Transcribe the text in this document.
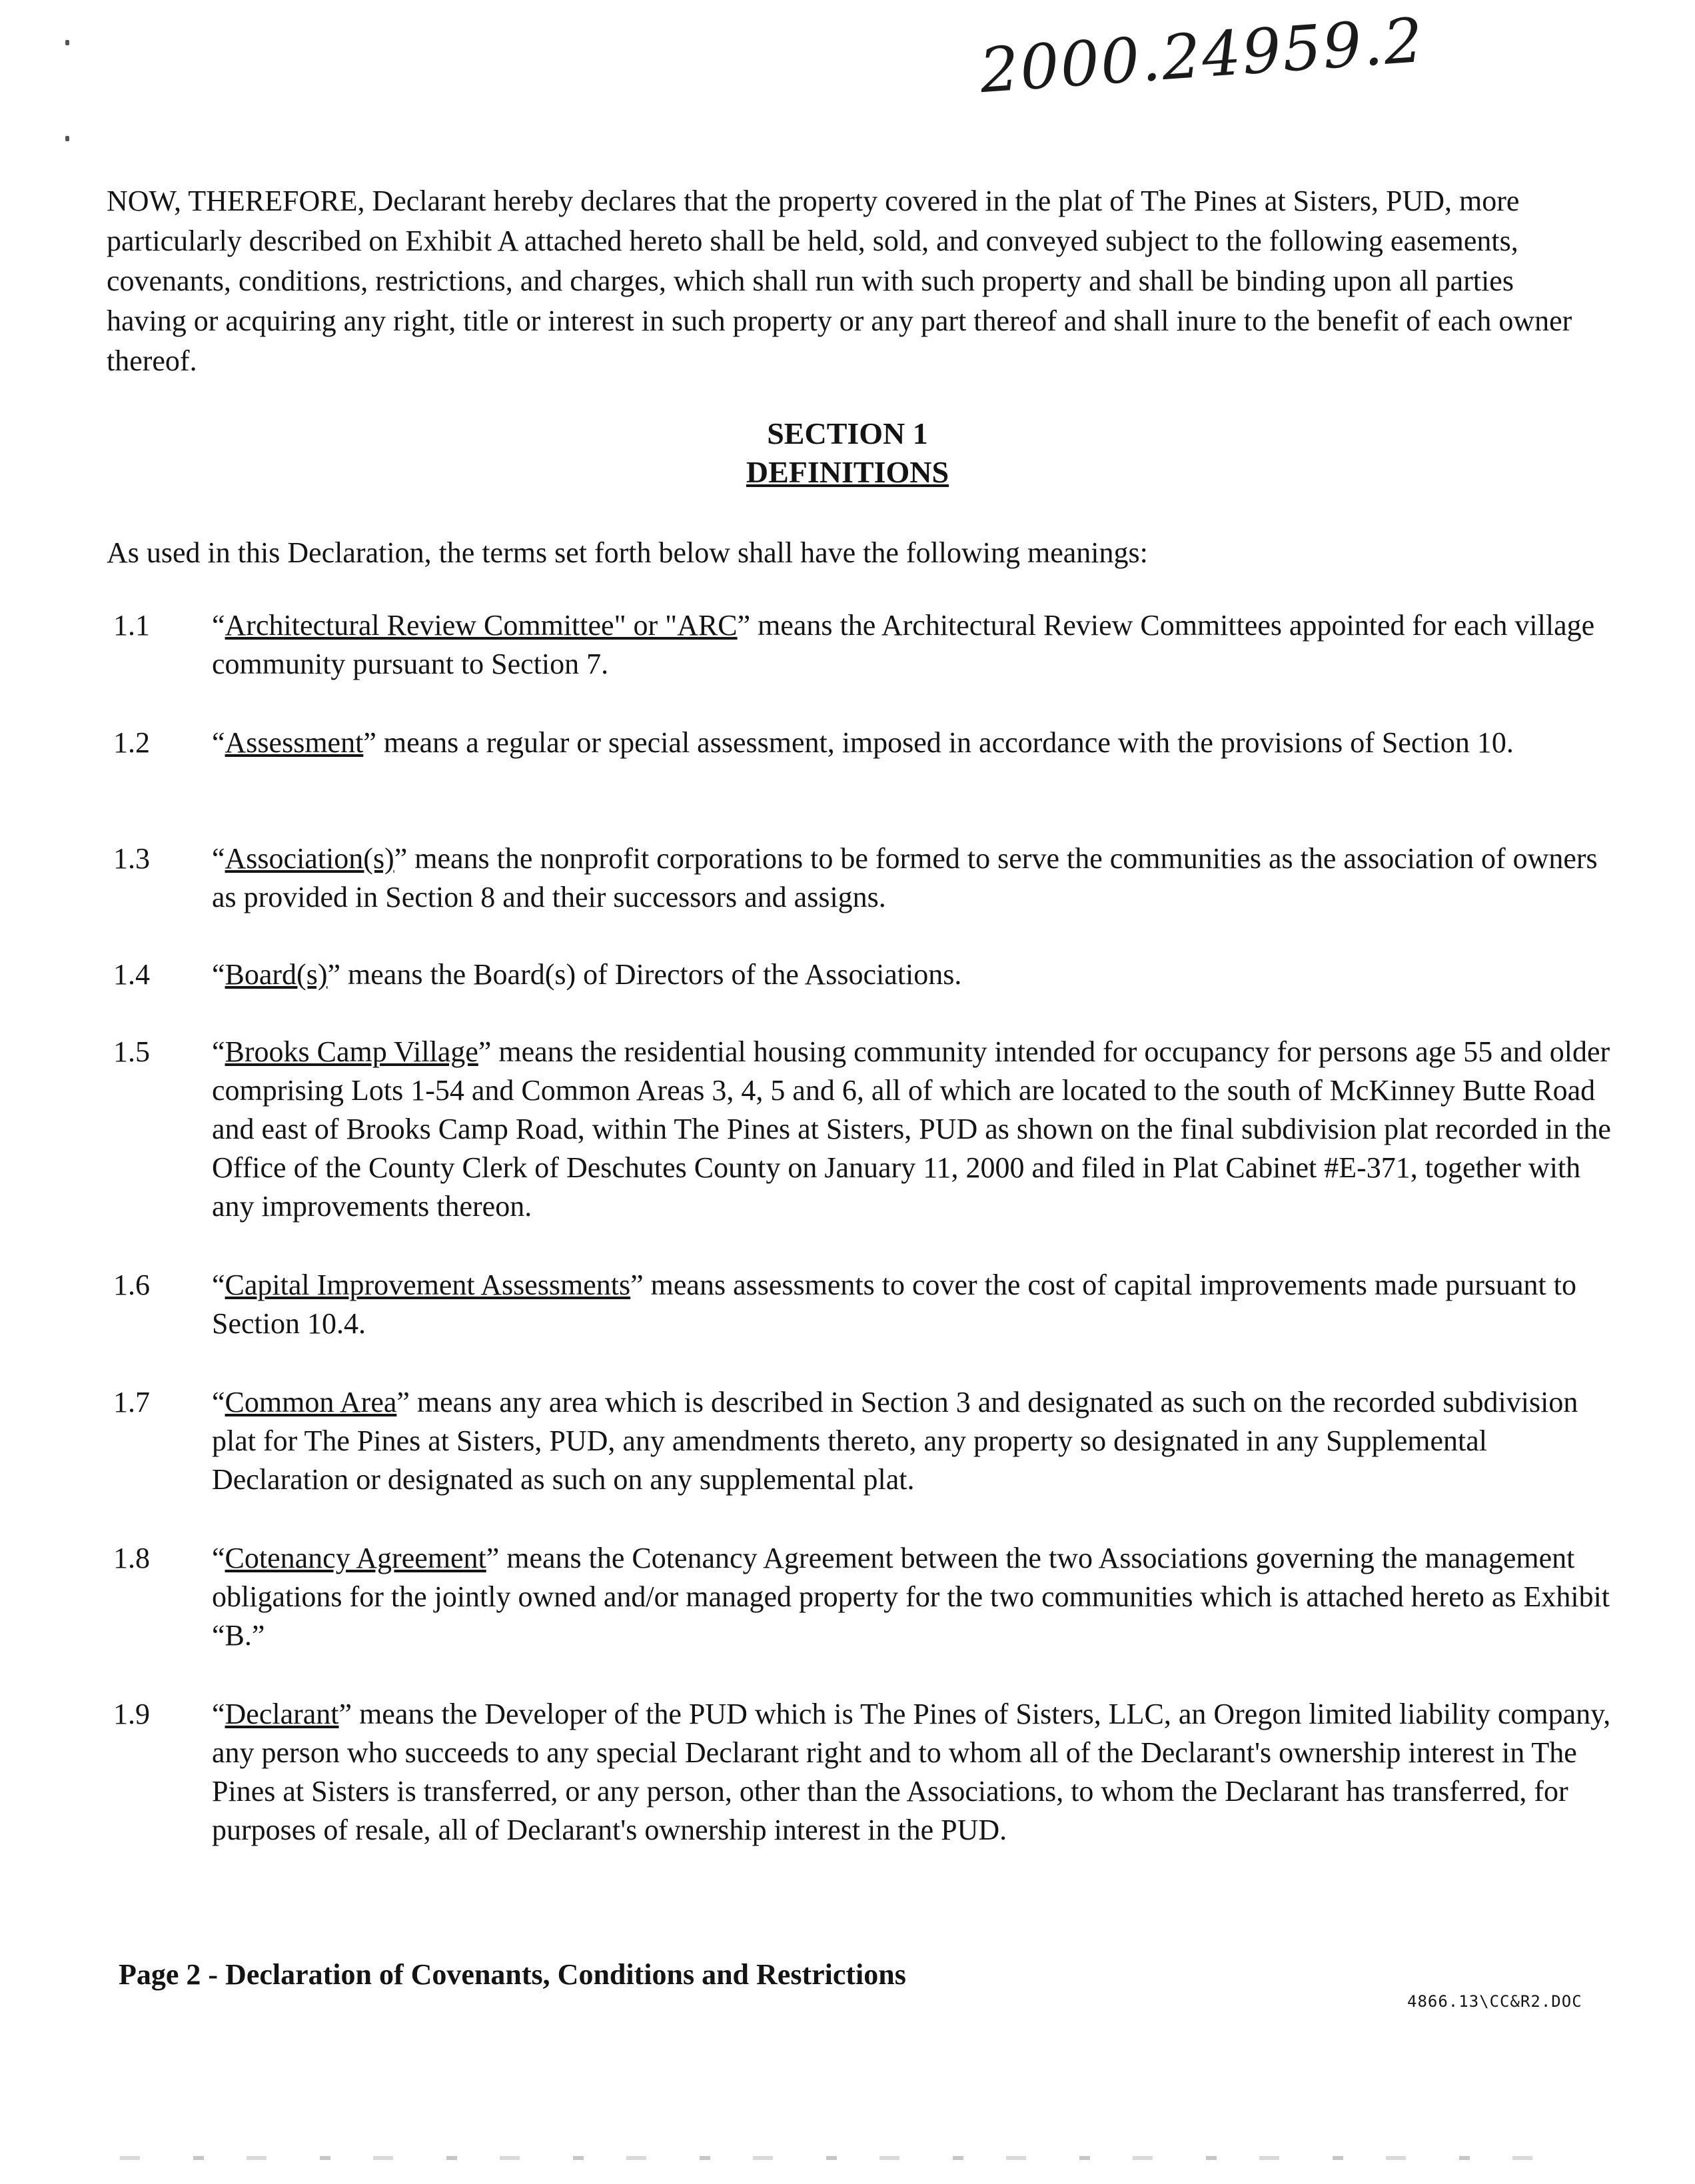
2000.24959.2

NOW, THEREFORE, Declarant hereby declares that the property covered in the plat of The Pines at Sisters, PUD, more particularly described on Exhibit A attached hereto shall be held, sold, and conveyed subject to the following easements, covenants, conditions, restrictions, and charges, which shall run with such property and shall be binding upon all parties having or acquiring any right, title or interest in such property or any part thereof and shall inure to the benefit of each owner thereof.

SECTION 1
DEFINITIONS

As used in this Declaration, the terms set forth below shall have the following meanings:

1.1	“Architectural Review Committee" or "ARC” means the Architectural Review Committees appointed for each village community pursuant to Section 7.
1.2	“Assessment” means a regular or special assessment, imposed in accordance with the provisions of Section 10.
1.3	“Association(s)” means the nonprofit corporations to be formed to serve the communities as the association of owners as provided in Section 8 and their successors and assigns.
1.4	“Board(s)” means the Board(s) of Directors of the Associations.
1.5	“Brooks Camp Village” means the residential housing community intended for occupancy for persons age 55 and older comprising Lots 1-54 and Common Areas 3, 4, 5 and 6, all of which are located to the south of McKinney Butte Road and east of Brooks Camp Road, within The Pines at Sisters, PUD as shown on the final subdivision plat recorded in the Office of the County Clerk of Deschutes County on January 11, 2000 and filed in Plat Cabinet #E-371, together with any improvements thereon.
1.6	“Capital Improvement Assessments” means assessments to cover the cost of capital improvements made pursuant to Section 10.4.
1.7	“Common Area” means any area which is described in Section 3 and designated as such on the recorded subdivision plat for The Pines at Sisters, PUD, any amendments thereto, any property so designated in any Supplemental Declaration or designated as such on any supplemental plat.
1.8	“Cotenancy Agreement” means the Cotenancy Agreement between the two Associations governing the management obligations for the jointly owned and/or managed property for the two communities which is attached hereto as Exhibit “B.”
1.9	“Declarant” means the Developer of the PUD which is The Pines of Sisters, LLC, an Oregon limited liability company, any person who succeeds to any special Declarant right and to whom all of the Declarant's ownership interest in The Pines at Sisters is transferred, or any person, other than the Associations, to whom the Declarant has transferred, for purposes of resale, all of Declarant's ownership interest in the PUD.
Page 2 - Declaration of Covenants, Conditions and Restrictions
4866.13\CC&R2.DOC
